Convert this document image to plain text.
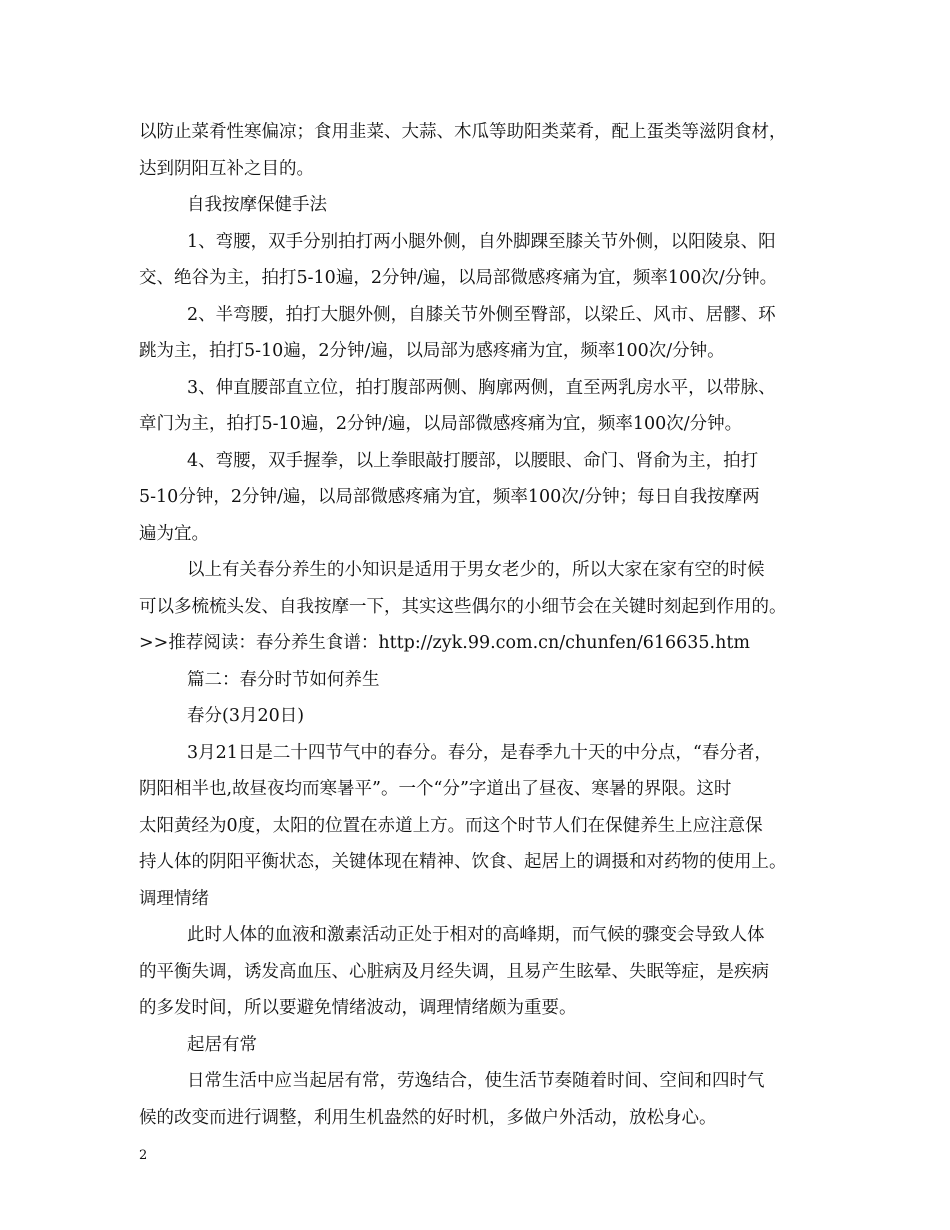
以防止菜肴性寒偏凉；食用韭菜、大蒜、木瓜等助阳类菜肴，配上蛋类等滋阴食材，
达到阴阳互补之目的。
自我按摩保健手法
1、弯腰，双手分别拍打两小腿外侧，自外脚踝至膝关节外侧，以阳陵泉、阳
交、绝谷为主，拍打5-10遍，2分钟/遍，以局部微感疼痛为宜，频率100次/分钟。
2、半弯腰，拍打大腿外侧，自膝关节外侧至臀部，以梁丘、风市、居髎、环
跳为主，拍打5-10遍，2分钟/遍，以局部为感疼痛为宜，频率100次/分钟。
3、伸直腰部直立位，拍打腹部两侧、胸廓两侧，直至两乳房水平，以带脉、
章门为主，拍打5-10遍，2分钟/遍，以局部微感疼痛为宜，频率100次/分钟。
4、弯腰，双手握拳，以上拳眼敲打腰部，以腰眼、命门、肾俞为主，拍打
5-10分钟，2分钟/遍，以局部微感疼痛为宜，频率100次/分钟；每日自我按摩两
遍为宜。
以上有关春分养生的小知识是适用于男女老少的，所以大家在家有空的时候
可以多梳梳头发、自我按摩一下，其实这些偶尔的小细节会在关键时刻起到作用的。
>>推荐阅读：春分养生食谱：http://zyk.99.com.cn/chunfen/616635.htm
篇二：春分时节如何养生
春分(3月20日)
3月21日是二十四节气中的春分。春分，是春季九十天的中分点，“春分者，
阴阳相半也,故昼夜均而寒暑平”。一个“分”字道出了昼夜、寒暑的界限。这时
太阳黄经为0度，太阳的位置在赤道上方。而这个时节人们在保健养生上应注意保
持人体的阴阳平衡状态，关键体现在精神、饮食、起居上的调摄和对药物的使用上。
调理情绪
此时人体的血液和激素活动正处于相对的高峰期，而气候的骤变会导致人体
的平衡失调，诱发高血压、心脏病及月经失调，且易产生眩晕、失眠等症，是疾病
的多发时间，所以要避免情绪波动，调理情绪颇为重要。
起居有常
日常生活中应当起居有常，劳逸结合，使生活节奏随着时间、空间和四时气
候的改变而进行调整，利用生机盎然的好时机，多做户外活动，放松身心。
2
